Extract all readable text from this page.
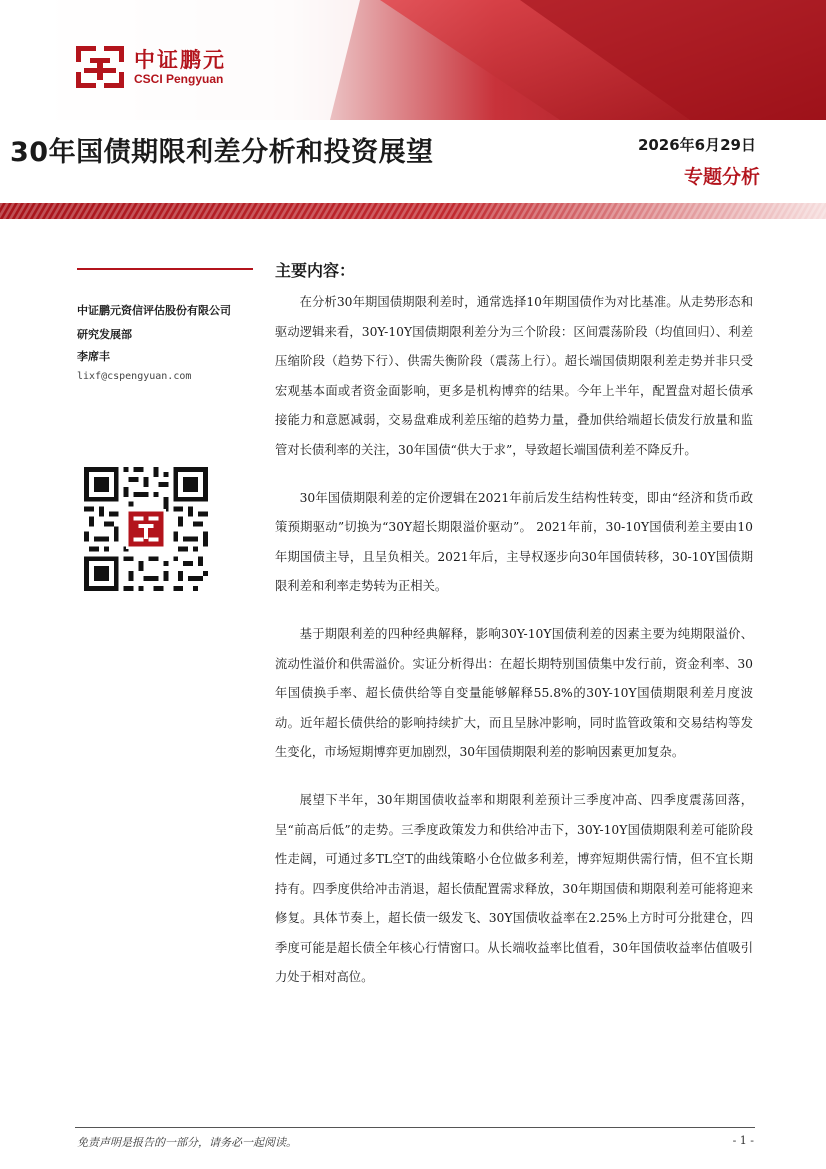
中证鹏元
CSCI Pengyuan
30年国债期限利差分析和投资展望	2026年6月29日
专题分析
中证鹏元资信评估股份有限公司
研究发展部
李席丰
lixf@cspengyuan.com
主要内容：

在分析30年期国债期限利差时，通常选择10年期国债作为对比基准。从走势形态和驱动逻辑来看，30Y-10Y国债期限利差分为三个阶段：区间震荡阶段（均值回归）、利差压缩阶段（趋势下行）、供需失衡阶段（震荡上行）。超长端国债期限利差走势并非只受宏观基本面或者资金面影响，更多是机构博弈的结果。今年上半年，配置盘对超长债承接能力和意愿减弱，交易盘难成利差压缩的趋势力量，叠加供给端超长债发行放量和监管对长债利率的关注，30年国债“供大于求”，导致超长端国债利差不降反升。

30年国债期限利差的定价逻辑在2021年前后发生结构性转变，即由“经济和货币政策预期驱动”切换为“30Y超长期限溢价驱动”。 2021年前，30-10Y国债利差主要由10年期国债主导，且呈负相关。2021年后，主导权逐步向30年国债转移，30-10Y国债期限利差和利率走势转为正相关。

基于期限利差的四种经典解释，影响30Y-10Y国债利差的因素主要为纯期限溢价、流动性溢价和供需溢价。实证分析得出：在超长期特别国债集中发行前，资金利率、30年国债换手率、超长债供给等自变量能够解释55.8%的30Y-10Y国债期限利差月度波动。近年超长债供给的影响持续扩大，而且呈脉冲影响，同时监管政策和交易结构等发生变化，市场短期博弈更加剧烈，30年国债期限利差的影响因素更加复杂。

展望下半年，30年期国债收益率和期限利差预计三季度冲高、四季度震荡回落，呈“前高后低”的走势。三季度政策发力和供给冲击下，30Y-10Y国债期限利差可能阶段性走阔，可通过多TL空T的曲线策略小仓位做多利差，博弈短期供需行情，但不宜长期持有。四季度供给冲击消退，超长债配置需求释放，30年期国债和期限利差可能将迎来修复。具体节奏上，超长债一级发飞、30Y国债收益率在2.25%上方时可分批建仓，四季度可能是超长债全年核心行情窗口。从长端收益率比值看，30年国债收益率估值吸引力处于相对高位。

免责声明是报告的一部分，请务必一起阅读。	- 1 -
